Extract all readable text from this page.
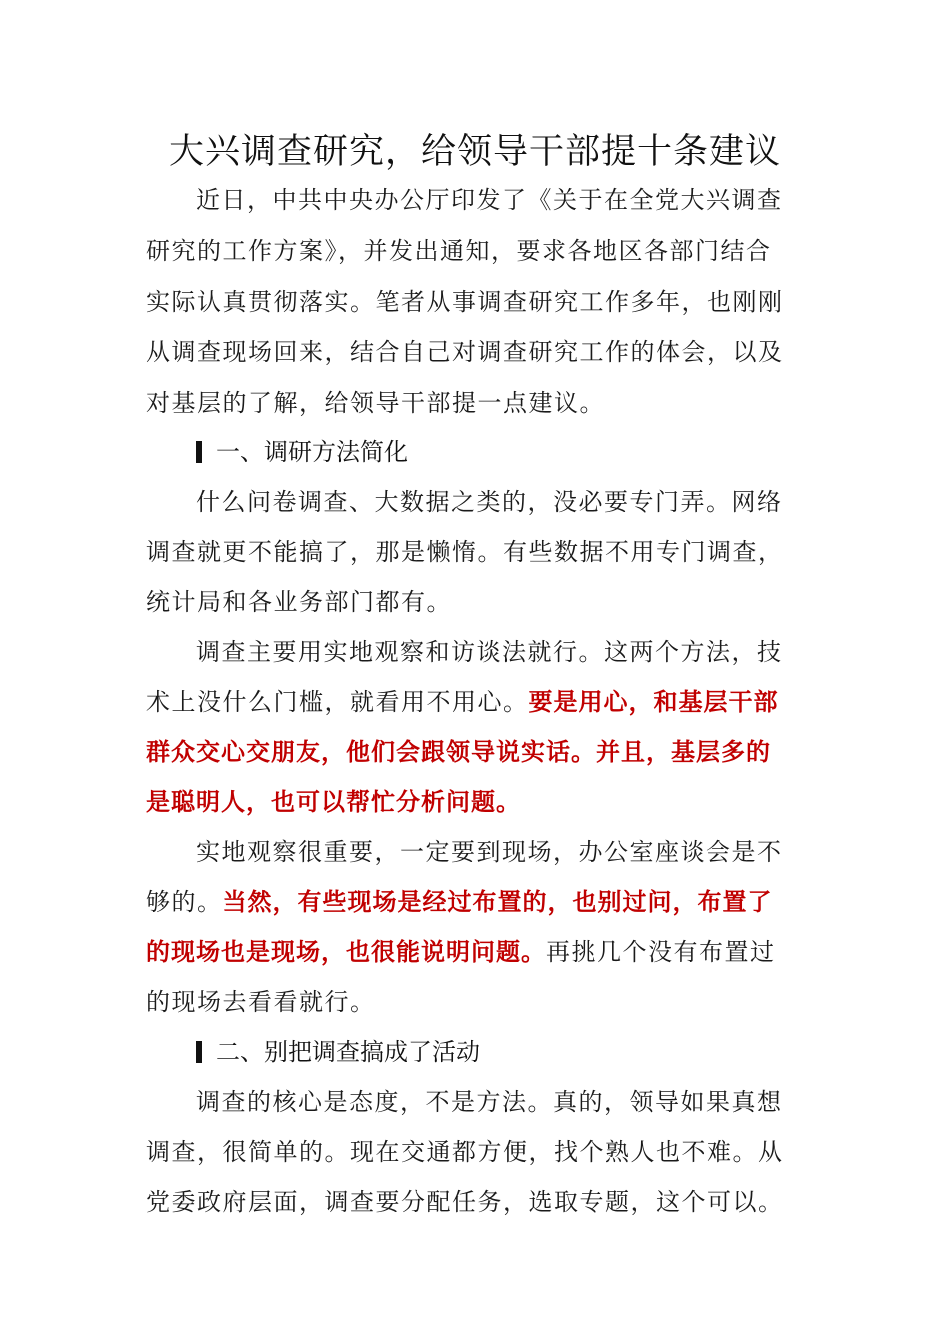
大兴调查研究，给领导干部提十条建议
近日，中共中央办公厅印发了《关于在全党大兴调查
研究的工作方案》，并发出通知，要求各地区各部门结合
实际认真贯彻落实。笔者从事调查研究工作多年，也刚刚
从调查现场回来，结合自己对调查研究工作的体会，以及
对基层的了解，给领导干部提一点建议。
一、调研方法简化
什么问卷调查、大数据之类的，没必要专门弄。网络
调查就更不能搞了，那是懒惰。有些数据不用专门调查，
统计局和各业务部门都有。
调查主要用实地观察和访谈法就行。这两个方法，技
术上没什么门槛，就看用不用心。要是用心，和基层干部
群众交心交朋友，他们会跟领导说实话。并且，基层多的
是聪明人，也可以帮忙分析问题。
实地观察很重要，一定要到现场，办公室座谈会是不
够的。当然，有些现场是经过布置的，也别过问，布置了
的现场也是现场，也很能说明问题。再挑几个没有布置过
的现场去看看就行。
二、别把调查搞成了活动
调查的核心是态度，不是方法。真的，领导如果真想
调查，很简单的。现在交通都方便，找个熟人也不难。从
党委政府层面，调查要分配任务，选取专题，这个可以。
